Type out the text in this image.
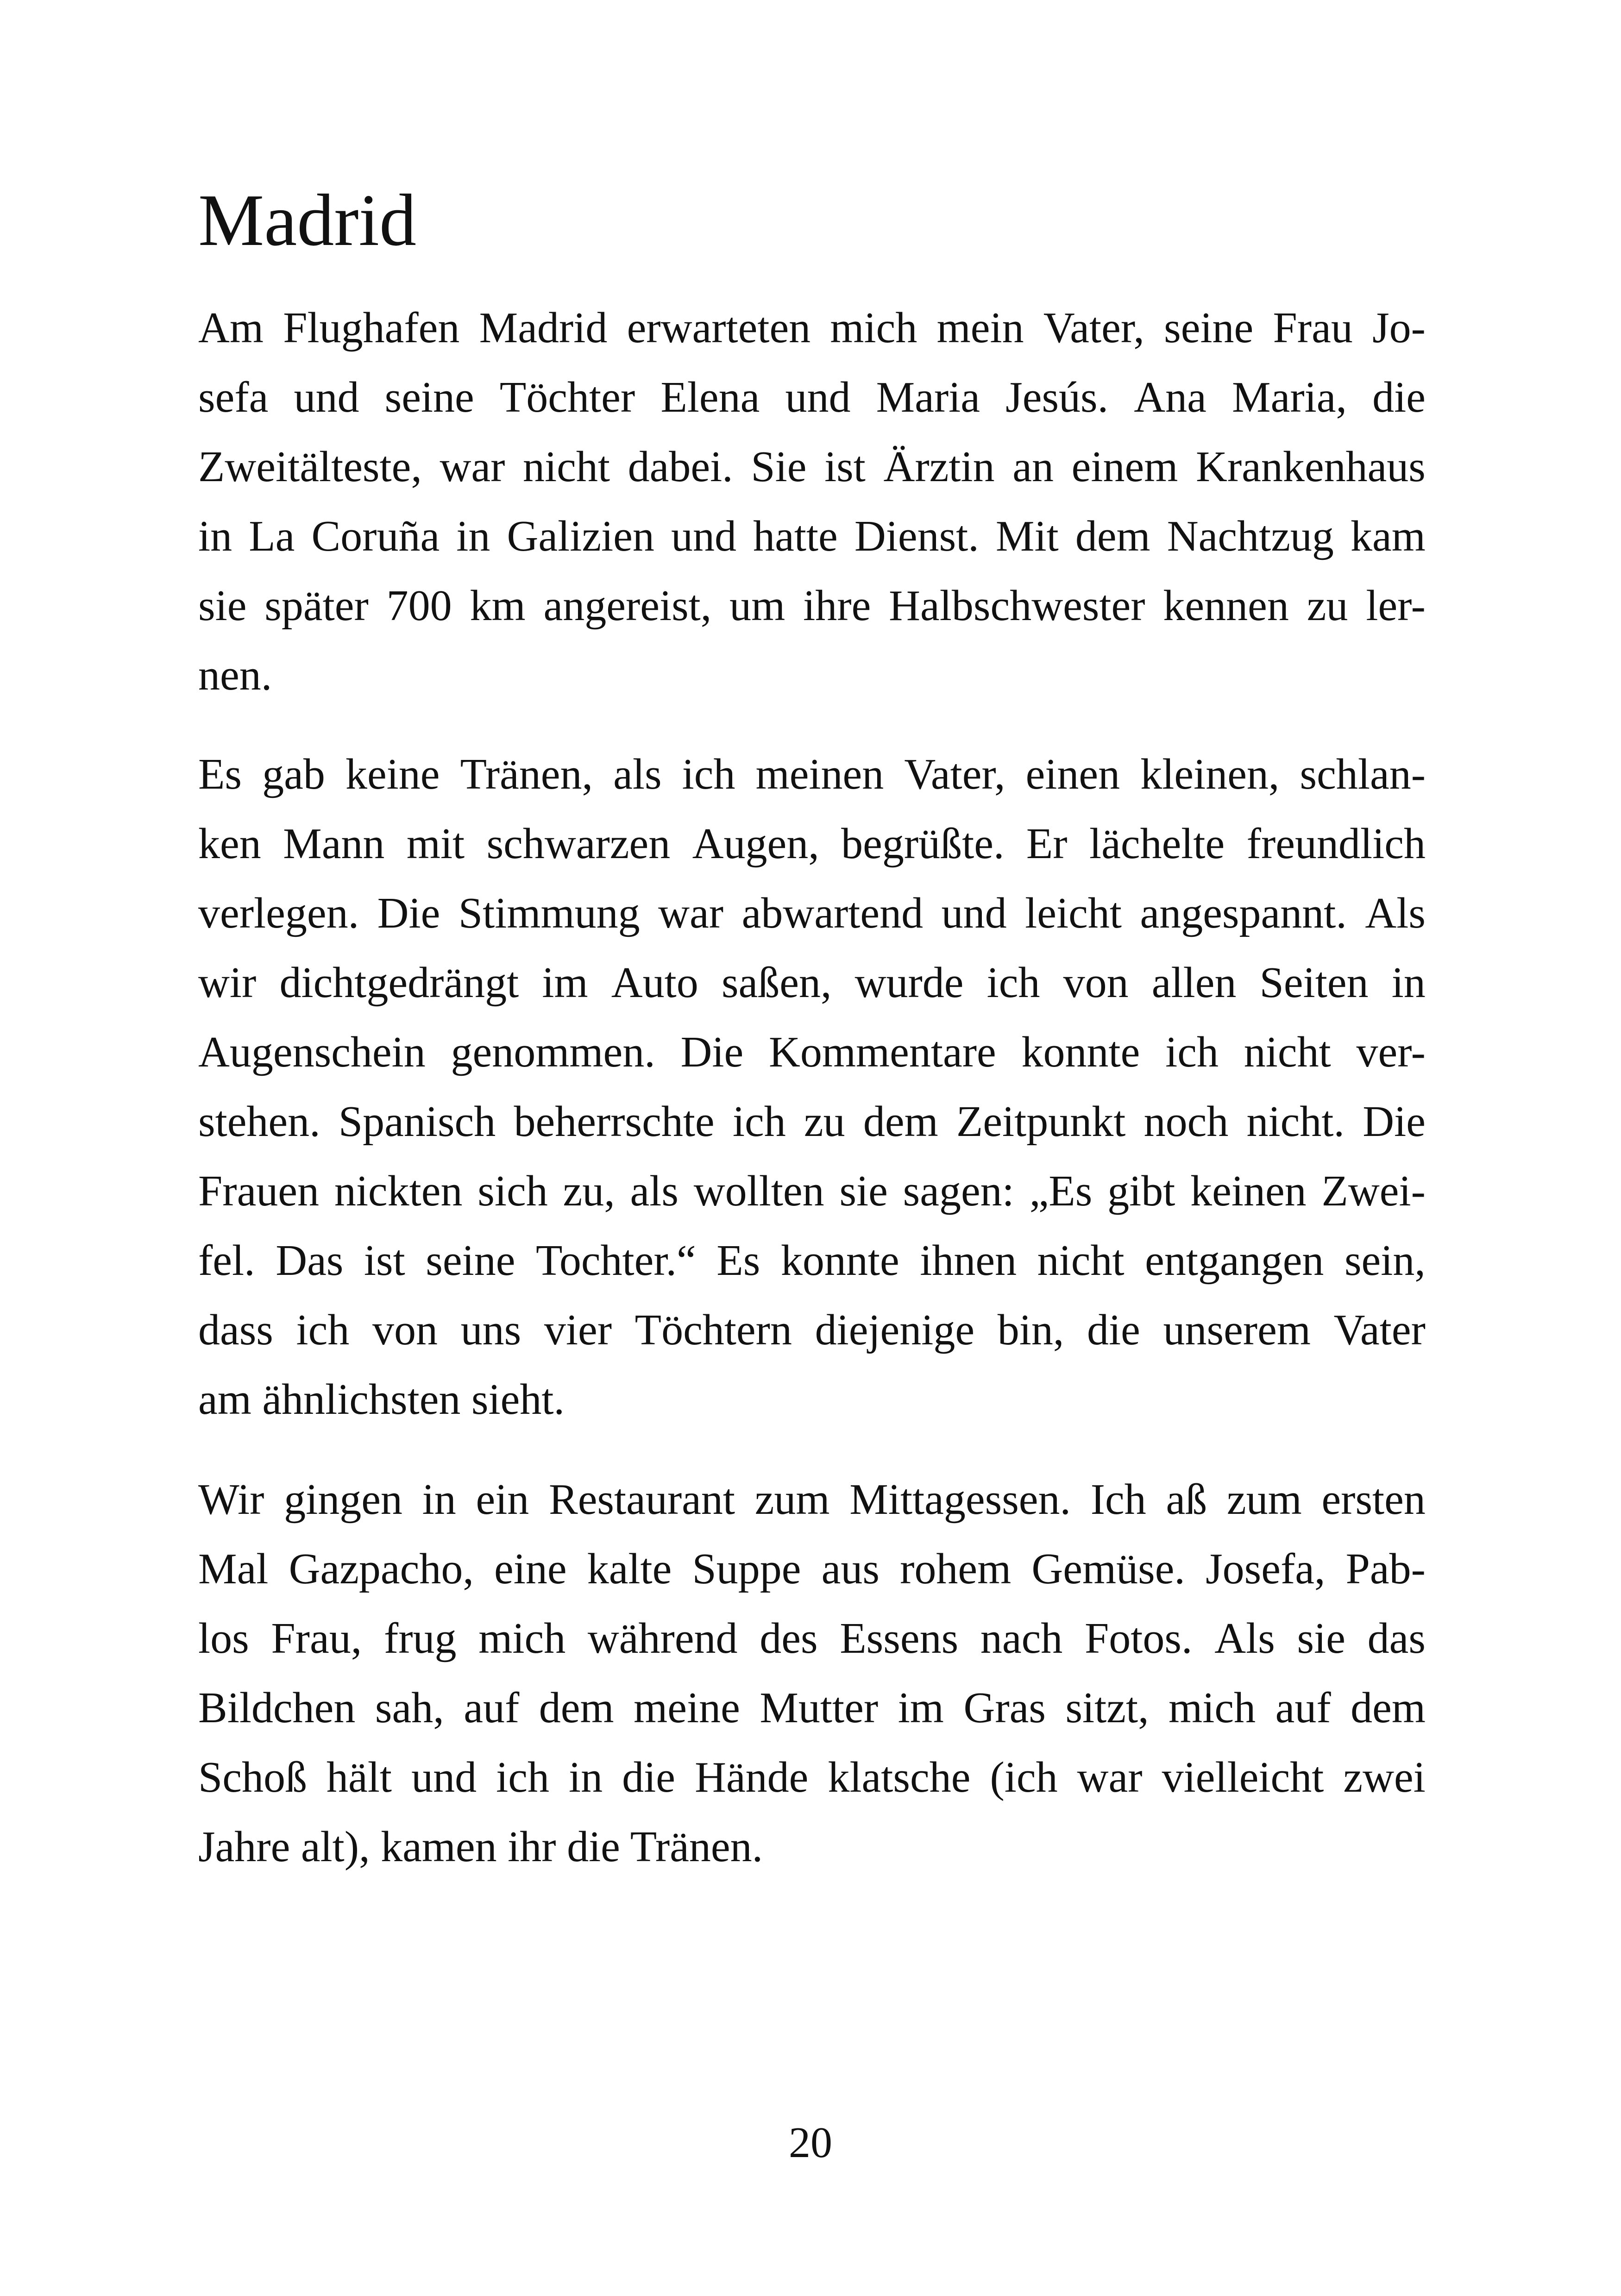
Madrid
Am Flughafen Madrid erwarteten mich mein Vater, seine Frau Jo-
sefa und seine Töchter Elena und Maria Jesús. Ana Maria, die
Zweitälteste, war nicht dabei. Sie ist Ärztin an einem Krankenhaus
in La Coruña in Galizien und hatte Dienst. Mit dem Nachtzug kam
sie später 700 km angereist, um ihre Halbschwester kennen zu ler-
nen.
Es gab keine Tränen, als ich meinen Vater, einen kleinen, schlan-
ken Mann mit schwarzen Augen, begrüßte. Er lächelte freundlich
verlegen. Die Stimmung war abwartend und leicht angespannt. Als
wir dichtgedrängt im Auto saßen, wurde ich von allen Seiten in
Augenschein genommen. Die Kommentare konnte ich nicht ver-
stehen. Spanisch beherrschte ich zu dem Zeitpunkt noch nicht. Die
Frauen nickten sich zu, als wollten sie sagen: „Es gibt keinen Zwei-
fel. Das ist seine Tochter.“ Es konnte ihnen nicht entgangen sein,
dass ich von uns vier Töchtern diejenige bin, die unserem Vater
am ähnlichsten sieht.
Wir gingen in ein Restaurant zum Mittagessen. Ich aß zum ersten
Mal Gazpacho, eine kalte Suppe aus rohem Gemüse. Josefa, Pab-
los Frau, frug mich während des Essens nach Fotos. Als sie das
Bildchen sah, auf dem meine Mutter im Gras sitzt, mich auf dem
Schoß hält und ich in die Hände klatsche (ich war vielleicht zwei
Jahre alt), kamen ihr die Tränen.
20
